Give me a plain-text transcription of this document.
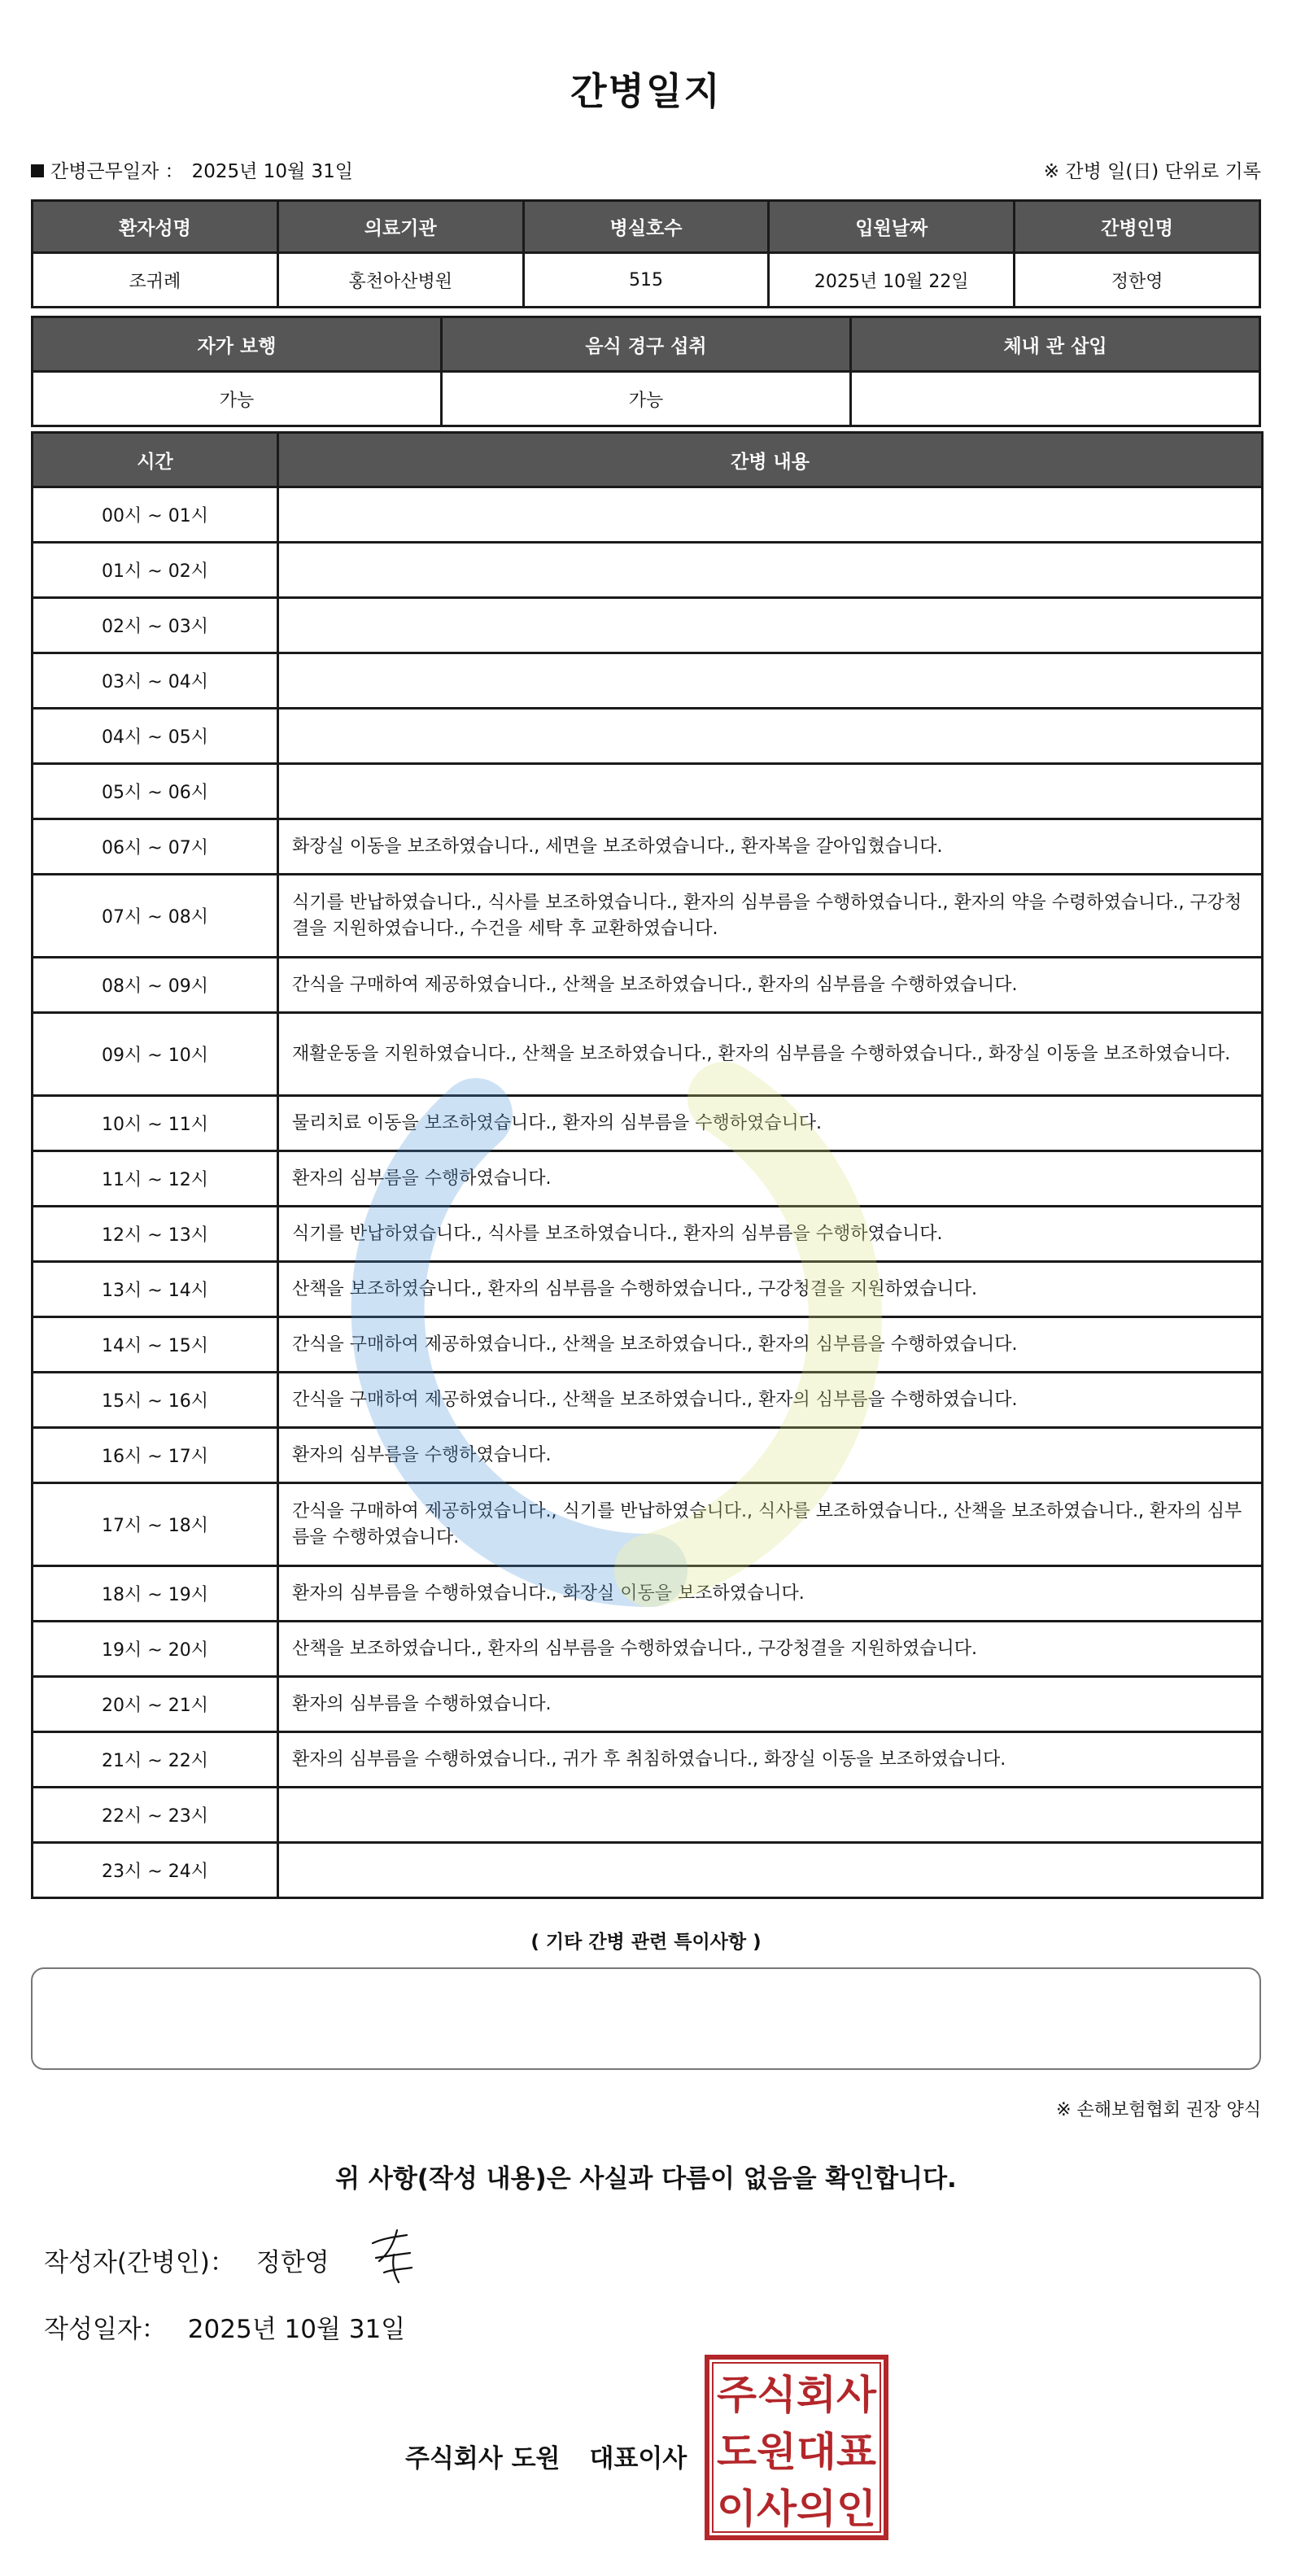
간병일지
간병근무일자 ： 2025년 10월 31일	※ 간병 일(日) 단위로 기록
환자성명	의료기관	병실호수	입원날짜	간병인명
조귀례	홍천아산병원	515	2025년 10월 22일	정한영
자가 보행	음식 경구 섭취	체내 관 삽입
가능	가능	
시간	간병 내용
00시 ~ 01시	
01시 ~ 02시	
02시 ~ 03시	
03시 ~ 04시	
04시 ~ 05시	
05시 ~ 06시	
06시 ~ 07시	화장실 이동을 보조하였습니다., 세면을 보조하였습니다., 환자복을 갈아입혔습니다.
07시 ~ 08시	식기를 반납하였습니다., 식사를 보조하였습니다., 환자의 심부름을 수행하였습니다., 환자의 약을 수령하였습니다., 구강청결을 지원하였습니다., 수건을 세탁 후 교환하였습니다.
08시 ~ 09시	간식을 구매하여 제공하였습니다., 산책을 보조하였습니다., 환자의 심부름을 수행하였습니다.
09시 ~ 10시	재활운동을 지원하였습니다., 산책을 보조하였습니다., 환자의 심부름을 수행하였습니다., 화장실 이동을 보조하였습니다.
10시 ~ 11시	물리치료 이동을 보조하였습니다., 환자의 심부름을 수행하였습니다.
11시 ~ 12시	환자의 심부름을 수행하였습니다.
12시 ~ 13시	식기를 반납하였습니다., 식사를 보조하였습니다., 환자의 심부름을 수행하였습니다.
13시 ~ 14시	산책을 보조하였습니다., 환자의 심부름을 수행하였습니다., 구강청결을 지원하였습니다.
14시 ~ 15시	간식을 구매하여 제공하였습니다., 산책을 보조하였습니다., 환자의 심부름을 수행하였습니다.
15시 ~ 16시	간식을 구매하여 제공하였습니다., 산책을 보조하였습니다., 환자의 심부름을 수행하였습니다.
16시 ~ 17시	환자의 심부름을 수행하였습니다.
17시 ~ 18시	간식을 구매하여 제공하였습니다., 식기를 반납하였습니다., 식사를 보조하였습니다., 산책을 보조하였습니다., 환자의 심부름을 수행하였습니다.
18시 ~ 19시	환자의 심부름을 수행하였습니다., 화장실 이동을 보조하였습니다.
19시 ~ 20시	산책을 보조하였습니다., 환자의 심부름을 수행하였습니다., 구강청결을 지원하였습니다.
20시 ~ 21시	환자의 심부름을 수행하였습니다.
21시 ~ 22시	환자의 심부름을 수행하였습니다., 귀가 후 취침하였습니다., 화장실 이동을 보조하였습니다.
22시 ~ 23시	
23시 ~ 24시	
( 기타 간병 관련 특이사항 )
※ 손해보험협회 권장 양식
위 사항(작성 내용)은 사실과 다름이 없음을 확인합니다.
작성자(간병인)： 정한영
작성일자： 2025년 10월 31일
주식회사 도원 대표이사
주식회사
도원대표
이사의인
